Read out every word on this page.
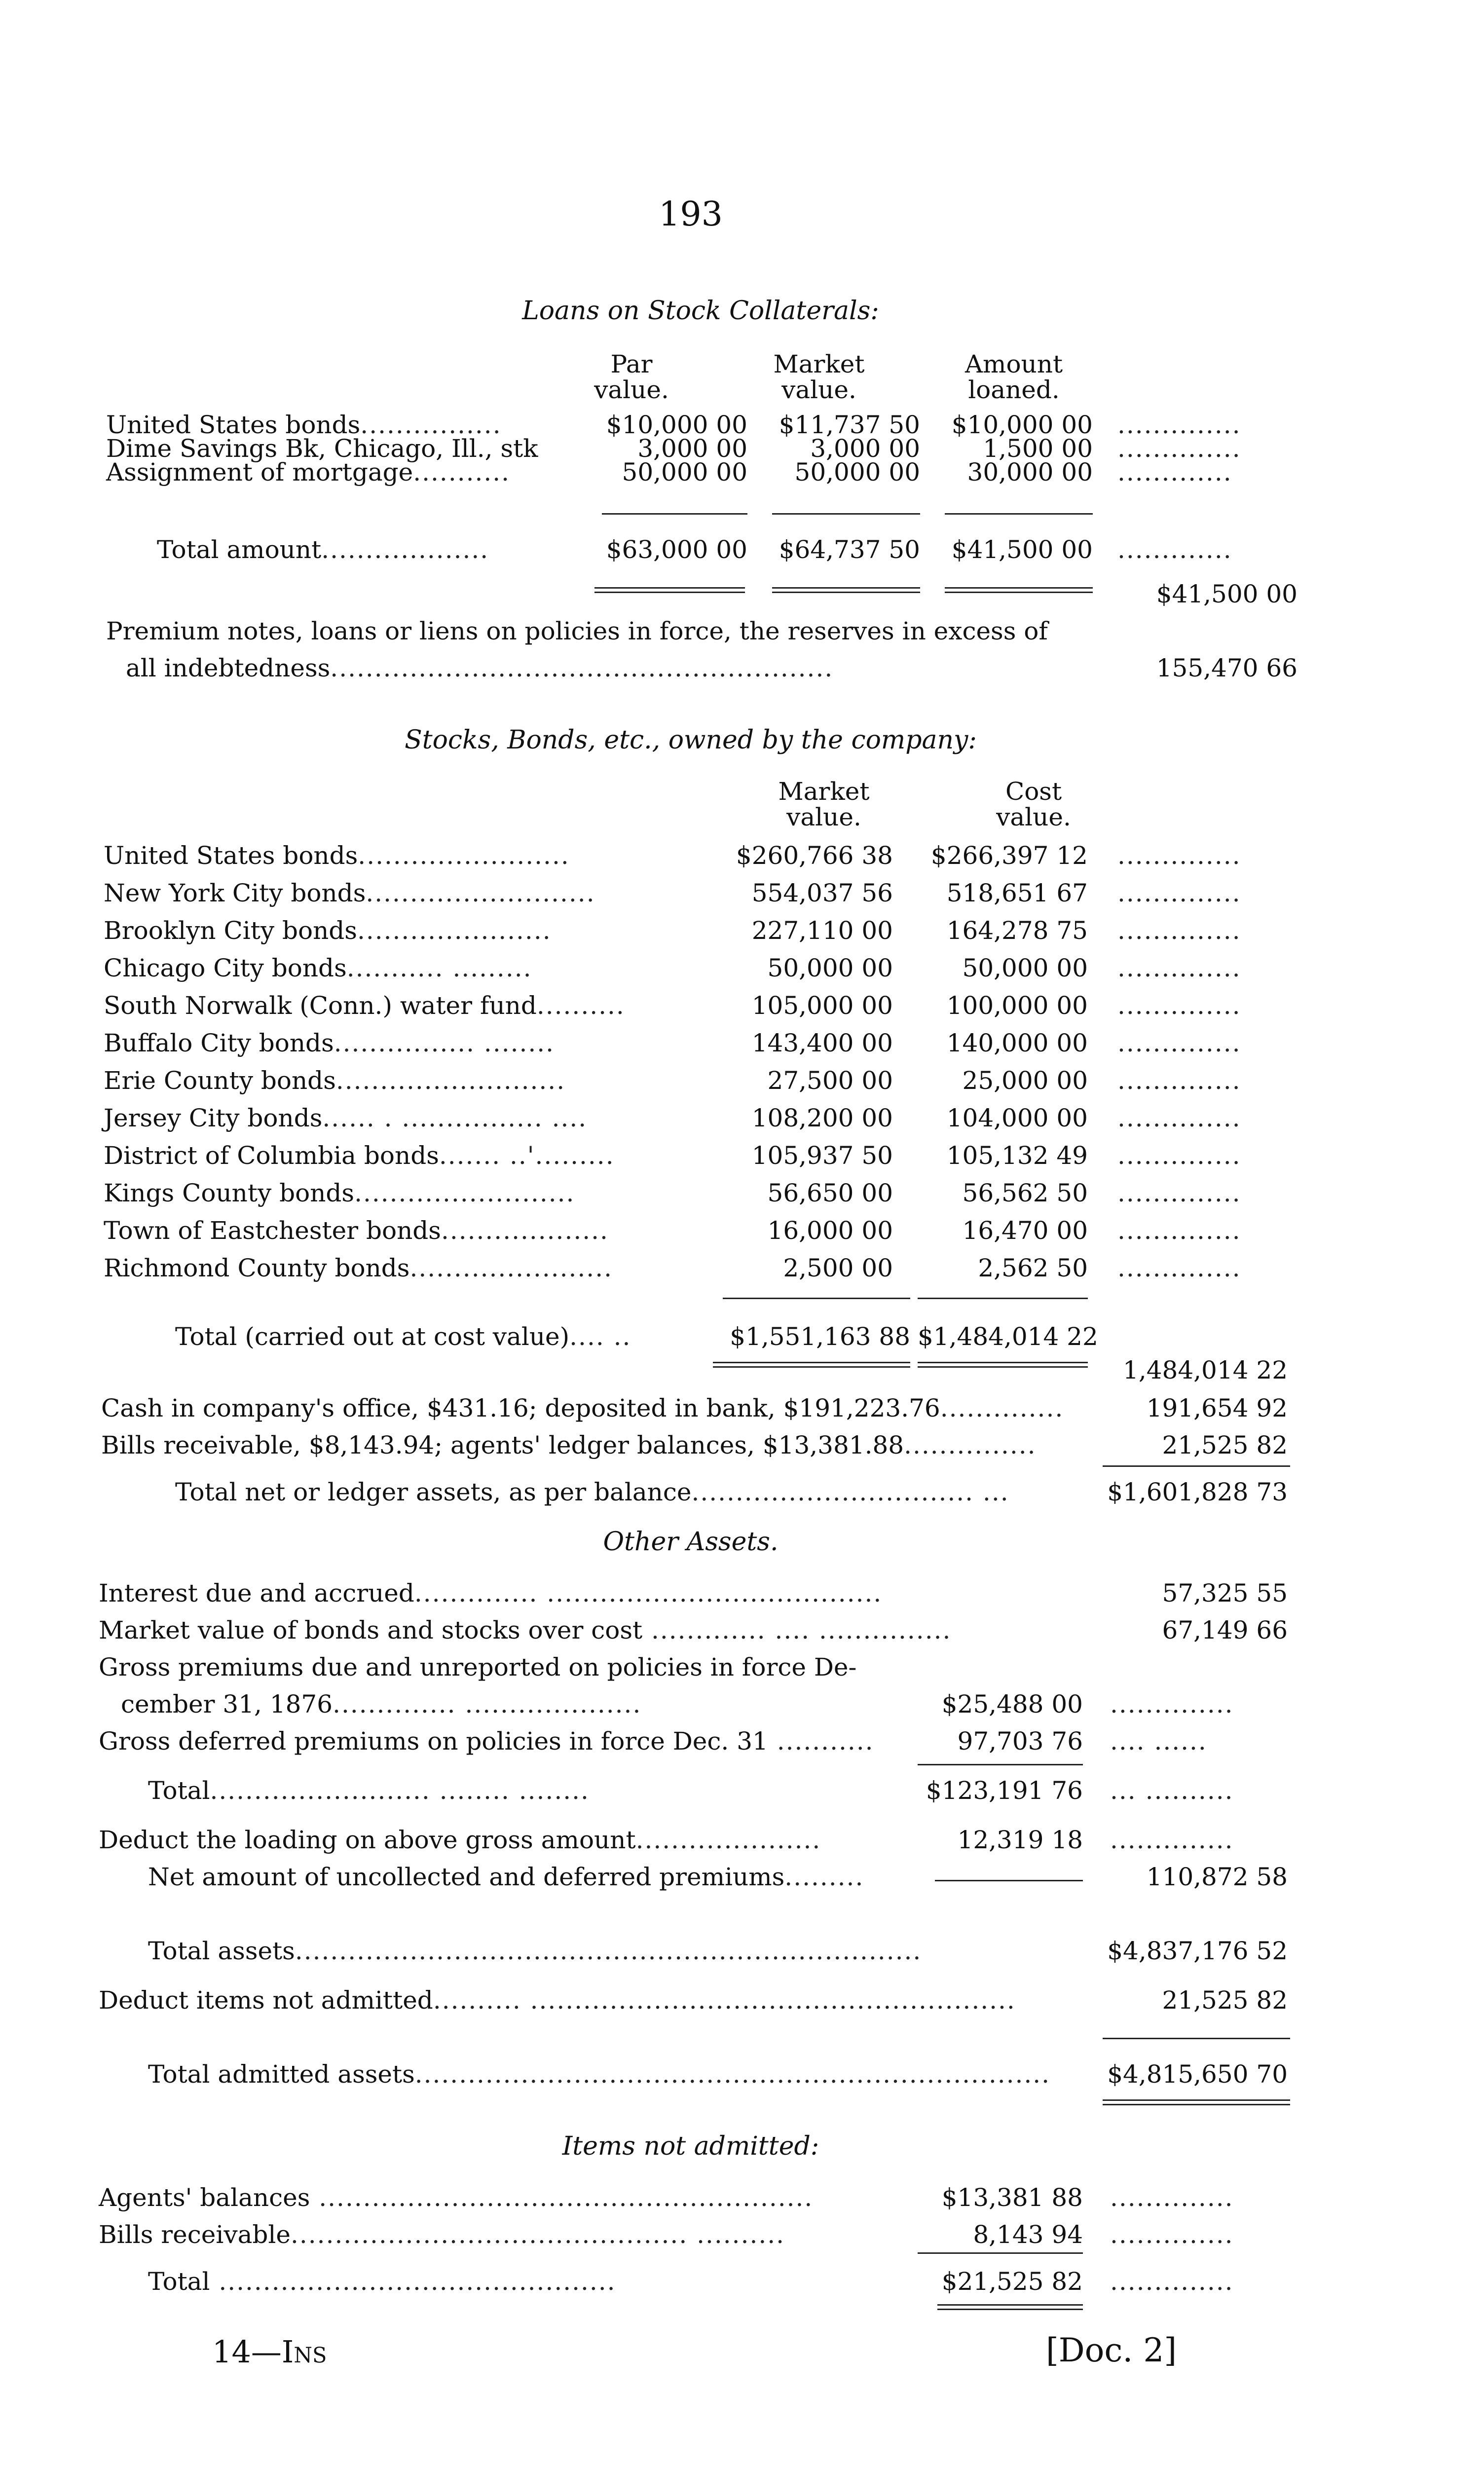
193
Loans on Stock Collaterals:
Par
value.
Market
value.
Amount
loaned.
United States bonds................	$10,000 00	$11,737 50	$10,000 00 ..............
Dime Savings Bk, Chicago, Ill., stk	3,000 00	3,000 00	1,500 00 ..............
Assignment of mortgage...........	50,000 00	50,000 00	30,000 00 .............
Total amount...................	$63,000 00	$64,737 50	$41,500 00 .............
$41,500 00
Premium notes, loans or liens on policies in force, the reserves in excess of
all indebtedness.........................................................	155,470 66
Stocks, Bonds, etc., owned by the company:
Market
value.
Cost
value.
United States bonds........................	$260,766 38	$266,397 12 ..............
New York City bonds..........................	554,037 56	518,651 67 ..............
Brooklyn City bonds......................	227,110 00	164,278 75 ..............
Chicago City bonds........... .........	50,000 00	50,000 00 ..............
South Norwalk (Conn.) water fund..........	105,000 00	100,000 00 ..............
Buffalo City bonds................ ........	143,400 00	140,000 00 ..............
Erie County bonds..........................	27,500 00	25,000 00 ..............
Jersey City bonds...... . ................ ....	108,200 00	104,000 00 ..............
District of Columbia bonds....... ..'.........	105,937 50	105,132 49 ..............
Kings County bonds.........................	56,650 00	56,562 50 ..............
Town of Eastchester bonds...................	16,000 00	16,470 00 ..............
Richmond County bonds.......................	2,500 00	2,562 50 ..............
Total (carried out at cost value).... ..	$1,551,163 88 $1,484,014 22
1,484,014 22
Cash in company's office, $431.16; deposited in bank, $191,223.76..............	191,654 92
Bills receivable, $8,143.94; agents' ledger balances, $13,381.88...............	21,525 82
Total net or ledger assets, as per balance................................ ...	$1,601,828 73
Other Assets.
Interest due and accrued.............. ......................................	57,325 55
Market value of bonds and stocks over cost ............. .... ...............	67,149 66
Gross premiums due and unreported on policies in force De-
cember 31, 1876.............. ....................	$25,488 00 ..............
Gross deferred premiums on policies in force Dec. 31 ...........	97,703 76 .... ......
Total......................... ........ ........	$123,191 76 ... ..........
Deduct the loading on above gross amount.....................	12,319 18 ..............
Net amount of uncollected and deferred premiums.........	110,872 58
Total assets.......................................................................	$4,837,176 52
Deduct items not admitted.......... .......................................................	21,525 82
Total admitted assets........................................................................	$4,815,650 70
Items not admitted:
Agents' balances ........................................................	$13,381 88 ..............
Bills receivable............................................. ..........	8,143 94 ..............
Total .............................................	$21,525 82 ..............
14—Ins	[Doc. 2]
